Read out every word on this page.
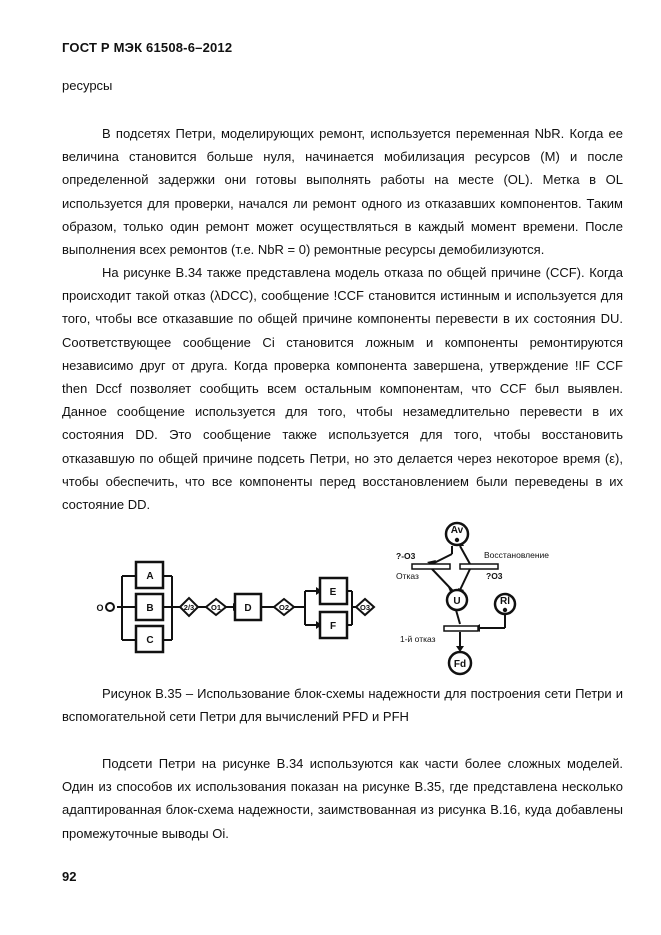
ГОСТ Р МЭК 61508-6–2012
ресурсы

В подсетях Петри, моделирующих ремонт, используется переменная NbR. Когда ее величина становится больше нуля, начинается мобилизация ресурсов (M) и после определенной задержки они готовы выполнять работы на месте (OL). Метка в OL используется для проверки, начался ли ремонт одного из отказавших компонентов. Таким образом, только один ремонт может осуществляться в каждый момент времени. После выполнения всех ремонтов (т.е. NbR = 0) ремонтные ресурсы демобилизуются.

На рисунке В.34 также представлена модель отказа по общей причине (CCF). Когда происходит такой отказ (λDCC), сообщение !CCF становится истинным и используется для того, чтобы все отказавшие по общей причине компоненты перевести в их состояния DU. Соответствующее сообщение Ci становится ложным и компоненты ремонтируются независимо друг от друга. Когда проверка компонента завершена, утверждение !IF CCF then Dccf позволяет сообщить всем остальным компонентам, что CCF был выявлен. Данное сообщение используется для того, чтобы незамедлительно перевести в их состояния DD. Это сообщение также используется для того, чтобы восстановить отказавшую по общей причине подсеть Петри, но это делается через некоторое время (ε), чтобы обеспечить, что все компоненты перед восстановлением были переведены в их состояние DD.

A
B
C
D
E
F
O	2/3 O1	O2	O3
Av
U	Rl
Fd
?-O3	Восстановление
Отказ	?O3
1-й отказ

Рисунок В.35 – Использование блок-схемы надежности для построения сети Петри и вспомогательной сети Петри для вычислений PFD и PFH

Подсети Петри на рисунке В.34 используются как части более сложных моделей. Один из способов их использования показан на рисунке В.35, где представлена несколько адаптированная блок-схема надежности, заимствованная из рисунка В.16, куда добавлены промежуточные выводы Oi.

92
